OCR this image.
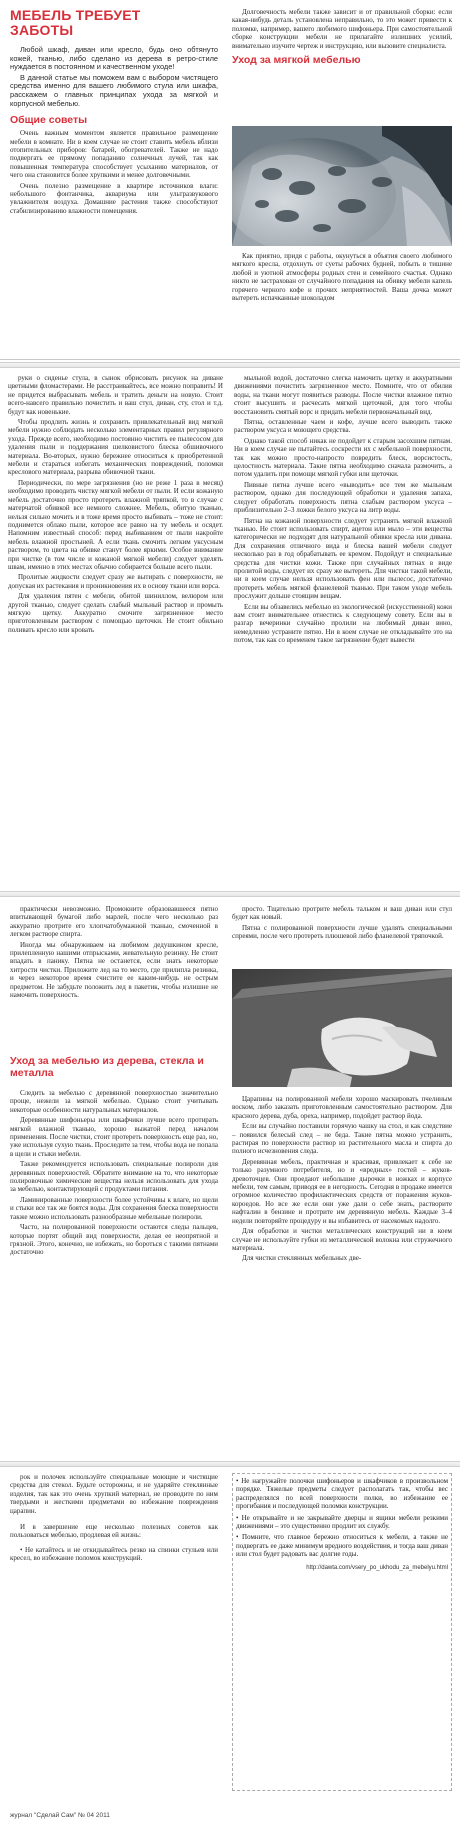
МЕБЕЛЬ ТРЕБУЕТ ЗАБОТЫ

Любой шкаф, диван или кресло, будь оно обтянуто кожей, тканью, либо сделано из дерева в ретро-стиле нуждается в постоянном и качественном уходе!

В данной статье мы поможем вам с выбором чистящего средства именно для вашего любимого стула или шкафа, расскажем о главных принципах ухода за мягкой и корпусной мебелью.

Общие советы

Очень важным моментом является правильное размещение мебели в комнате. Ни в коем случае не стоит ставить мебель вблизи отопительных приборов: батарей, обогревателей. Также не надо подвергать ее прямому попаданию солнечных лучей, так как повышенная температура способствует усыханию материалов, от чего она становится более хрупкими и менее долговечными.

Очень полезно размещение в квартире источников влаги: небольшого фонтанчика, аквариума или ультразвукового увлажнителя воздуха. Домашние растения также способствуют стабилизированию влажности помещения.

Долговечность мебели также зависит и от правильной сборки: если какая-нибудь деталь установлена неправильно, то это может привести к поломке, например, вашего любимого шифоньера. При самостоятельной сборке конструкции мебели не прилагайте излишних усилий, внимательно изучите чертеж и инструкцию, или вызовите специалиста.

Уход за мягкой мебелью

Как приятно, придя с работы, окунуться в объятия своего любимого мягкого кресла, отдохнуть от суеты рабочих будней, побыть в тишине любой и уютной атмосферы родных стен и семейного счастья. Однако никто не застрахован от случайного попадания на обивку мебели капель горячего черного кофе и прочих неприятностей. Ваша дочка может вытереть испачканные шоколадом

руки о сиденье стула, в сынок обрисовать рисунок на диване цветными фломастерами. Не расстраивайтесь, все можно поправить! И не придется выбрасывать мебель и тратить деньги на новую. Стоит всего-навсего правильно почистить и ваш стул, диван, сту, стол и т.д. будут как новенькие.

Чтобы продлить жизнь и сохранить привлекательный вид мягкой мебели нужно соблюдать несколько элементарных правил регулярного ухода. Прежде всего, необходимо постоянно чистить ее пылесосом для удаления пыли и поддержания шелковистого блеска обшивочного материала. Во-вторых, нужно бережнее относиться к приобретенной мебели и стараться избегать механических повреждений, поломки креслового материала, разрыва обивочной ткани.

Периодически, по мере загрязнения (но не реже 1 раза в месяц) необходимо проводить чистку мягкой мебели от пыли. И если кожаную мебель достаточно просто протереть влажной тряпкой, то в случае с матерчатой обивкой все немного сложнее. Мебель, обитую тканью, нельзя сильно мочить и в тоже время просто выбивать – тоже не стоит: поднимется облако пыли, которое все равно на ту мебель и осядет. Напомним известный способ: перед выбиванием от пыли накройте мебель влажной простыней. А если ткань смочить легким уксусным раствором, то цвета на обивке станут более яркими. Особое внимание при чистке (в том числе и кожаной мягкой мебели) следует уделять швам, именно в этих местах обычно собирается больше всего пыли.

Пролитые жидкости следует сразу же вытирать с поверхности, не допуская их растекания и проникновения их в основу ткани или ворса.

Для удаления пятен с мебели, обитой шиниллом, велюром или другой тканью, следует сделать слабый мыльный раствор и промыть мягкую щетку. Аккуратно смочите загрязненное место приготовленным раствором с помощью щеточки. Не стоит обильно поливать кресло или кровать

мыльной водой, достаточно слегка намочить щетку и аккуратными движениями почистить загрязненное место. Помните, что от обилия воды, на ткани могут появиться разводы. После чистки влажное пятно стоит высушить и расчесать мягкой щеточкой, для того чтобы восстановить смятый ворс и придать мебели первоначальный вид.

Пятна, оставленные чаем и кофе, лучше всего выводить также раствором уксуса и моющего средства.

Однако такой способ никак не подойдет к старым засохшим пятнам. Ни в коем случае не пытайтесь соскрести их с мебельной поверхности, так как можно просто-напросто повредить блеск, ворсистость, целостность материала. Такие пятна необходимо сначала размочить, а потом удалить при помощи мягкой губки или щеточки.

Пивные пятна лучше всего «выводить» все тем же мыльным раствором, однако для последующей обработки и удаления запаха, следует обработать поверхность пятна слабым раствором уксуса – приблизительно 2–3 ложки белого уксуса на литр воды.

Пятна на кожаной поверхности следует устранять мягкой влажной тканью. Не стоит использовать спирт, ацетон или мыло – эти вещества категорически не подходят для натуральной обивки кресла или дивана. Для сохранения отличного вида и блеска вашей мебели следует несколько раз в год обрабатывать ее кремом. Подойдут и специальные средства для чистки кожи. Также при случайных пятнах в виде пролитой воды, следует их сразу же вытереть. Для чистки такой мебели, ни в коем случае нельзя использовать фен или пылесос, достаточно протереть мебель мягкой фланелевой тканью. При таком уходе мебель прослужит дольше стоящим вещам.

Если вы обзавелись мебелью из экологической (искусственной) кожи вам стоит внимательнее отнестись к следующему совету. Если вы в разгар вечеринки случайно пролили на любимый диван вино, немедленно устраните пятно. Ни в коем случае не откладывайте это на потом, так как со временем такое загрязнение будет вывести

практически невозможно. Промокните образовавшееся пятно впитывающей бумагой либо марлей, после чего несколько раз аккуратно протрите его хлопчатобумажной тканью, смоченной в легком растворе спирта.

Иногда мы обнаруживаем на любимом дедушкином кресле, прилепленную нашими отпрысками, жевательную резинку. Не стоит впадать в панику. Пятна не останется, если знать некоторые хитрости чистки. Приложите лед на то место, где прилипла резинка, и через некоторое время счистите ее каким-нибудь не острым предметом. Не забудьте положить лед в пакетик, чтобы излишне не намочить поверхность.

просто. Тщательно протрите мебель тальком и ваш диван или стул будет как новый.

Пятна с полированной поверхности лучше удалять специальными спреями, после чего протереть плюшевой либо фланелевой тряпочкой.

Уход за мебелью из дерева, стекла и металла

Следить за мебелью с деревянной поверхностью значительно проще, нежели за мягкой мебелью. Однако стоит учитывать некоторые особенности натуральных материалов.

Деревянные шифоньеры или шкафчики лучше всего протирать мягкой влажной тканью, хорошо выжатой перед началом применения. После чистки, стоит протереть поверхность еще раз, но, уже используя сухую ткань. Проследите за тем, чтобы вода не попала в щели и стыки мебели.

Также рекомендуется использовать специальные полироли для деревянных поверхностей. Обратите внимание на то, что некоторые полировочные химические вещества нельзя использовать для ухода за мебелью, контактирующей с продуктами питания.

Ламинированные поверхности более устойчивы к влаге, но щели и стыки все так же боятся воды. Для сохранения блеска поверхности также можно использовать разнообразные мебельные полироли.

Часто, на полированной поверхности остаются следы пальцев, которые портят общий вид поверхности, делая ее неопрятной и грязной. Этого, конечно, не избежать, но бороться с такими пятнами достаточно

Царапины на полированной мебели хорошо маскировать пчелиным воском, либо заказать приготовленным самостоятельно раствором. Для красного дерева, дуба, ореха, например, подойдет раствор йода.

Если вы случайно поставили горячую чашку на стол, и как следствие – появился белесый след – не беда. Такие пятна можно устранить, растирая по поверхности раствор из растительного масла и спирта до полного исчезновения следа.

Деревянная мебель, практичная и красивая, привлекает к себе не только разумного потребителя, но и «вредных» гостей – жуков-древоточцев. Они проедают небольшие дырочки в ножках и корпусе мебели, тем самым, приводя ее в негодность. Сегодня в продаже имеется огромное количество профилактических средств от поражения жуков-короедов. Но все же если они уже дали о себе знать, растворите нафталин в бензине и протрите им деревянную мебель. Каждые 3–4 недели повторяйте процедуру и вы избавитесь от насекомых надолго.

Для обработки и чистки металлических конструкций ни в коем случае не используйте губки из металлической волокна или стружечного материала.

Для чистки стеклянных мебельных две-

рок и полочек используйте специальные моющие и чистящие средства для стекол. Будьте осторожны, и не ударяйте стеклянные изделия, так как это очень хрупкий материал, не проводите по ним твердыми и жесткими предметами во избежание повреждения царапин.

И в завершение еще несколько полезных советов как пользоваться мебелью, продлевая ей жизнь:

• Не катайтесь и не откидывайтесь резко на спинки стульев или кресел, во избежание поломок конструкций.

• Не нагружайте полочки шифоньеров и шкафчиков в произвольном порядке. Тяжелые предметы следует располагать так, чтобы вес распределялся по всей поверхности полки, во избежание ее прогибания и последующей поломки конструкции.
• Не открывайте и не закрывайте дверцы и ящики мебели резкими движениями – это существенно продлит их службу.
• Помните, что главное бережно относиться к мебели, а также не подвергать ее даже минимум вредного воздействия, и тогда ваш диван или стол будет радовать вас долгие годы.
http://dawta.com/vsery_po_ukhodu_za_mebelyu.html
журнал "Сделай Сам" № 04 2011
